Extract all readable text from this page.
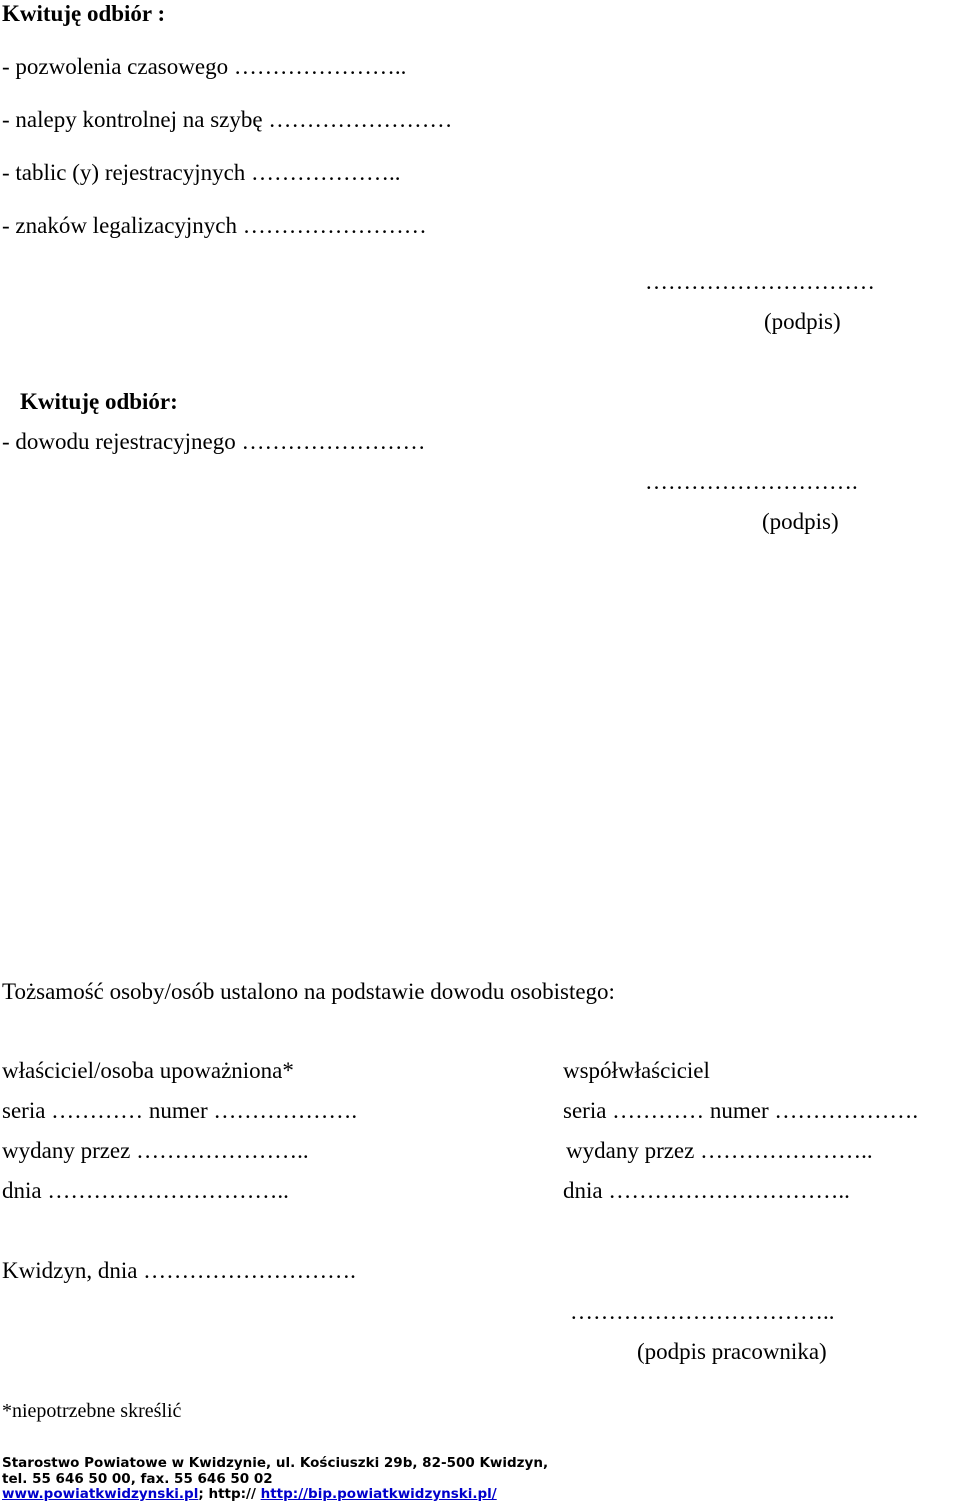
Kwituję odbiór :
- pozwolenia czasowego …………………..
- nalepy kontrolnej na szybę ……………………
- tablic (y) rejestracyjnych ………………..
- znaków legalizacyjnych ……………………
…………………………
(podpis)
Kwituję odbiór:
- dowodu rejestracyjnego ……………………
……………………….
(podpis)
Tożsamość osoby/osób ustalono na podstawie dowodu osobistego:
właściciel/osoba upoważniona*
seria ………… numer ……………….
wydany przez …………………..
dnia …………………………..
współwłaściciel
seria ………… numer ……………….
wydany przez …………………..
dnia …………………………..
Kwidzyn, dnia ……………………….
……………………………..
(podpis pracownika)
*niepotrzebne skreślić
Starostwo Powiatowe w Kwidzynie, ul. Kościuszki 29b, 82-500 Kwidzyn,
tel. 55 646 50 00, fax. 55 646 50 02
www.powiatkwidzynski.pl; http:// http://bip.powiatkwidzynski.pl/
